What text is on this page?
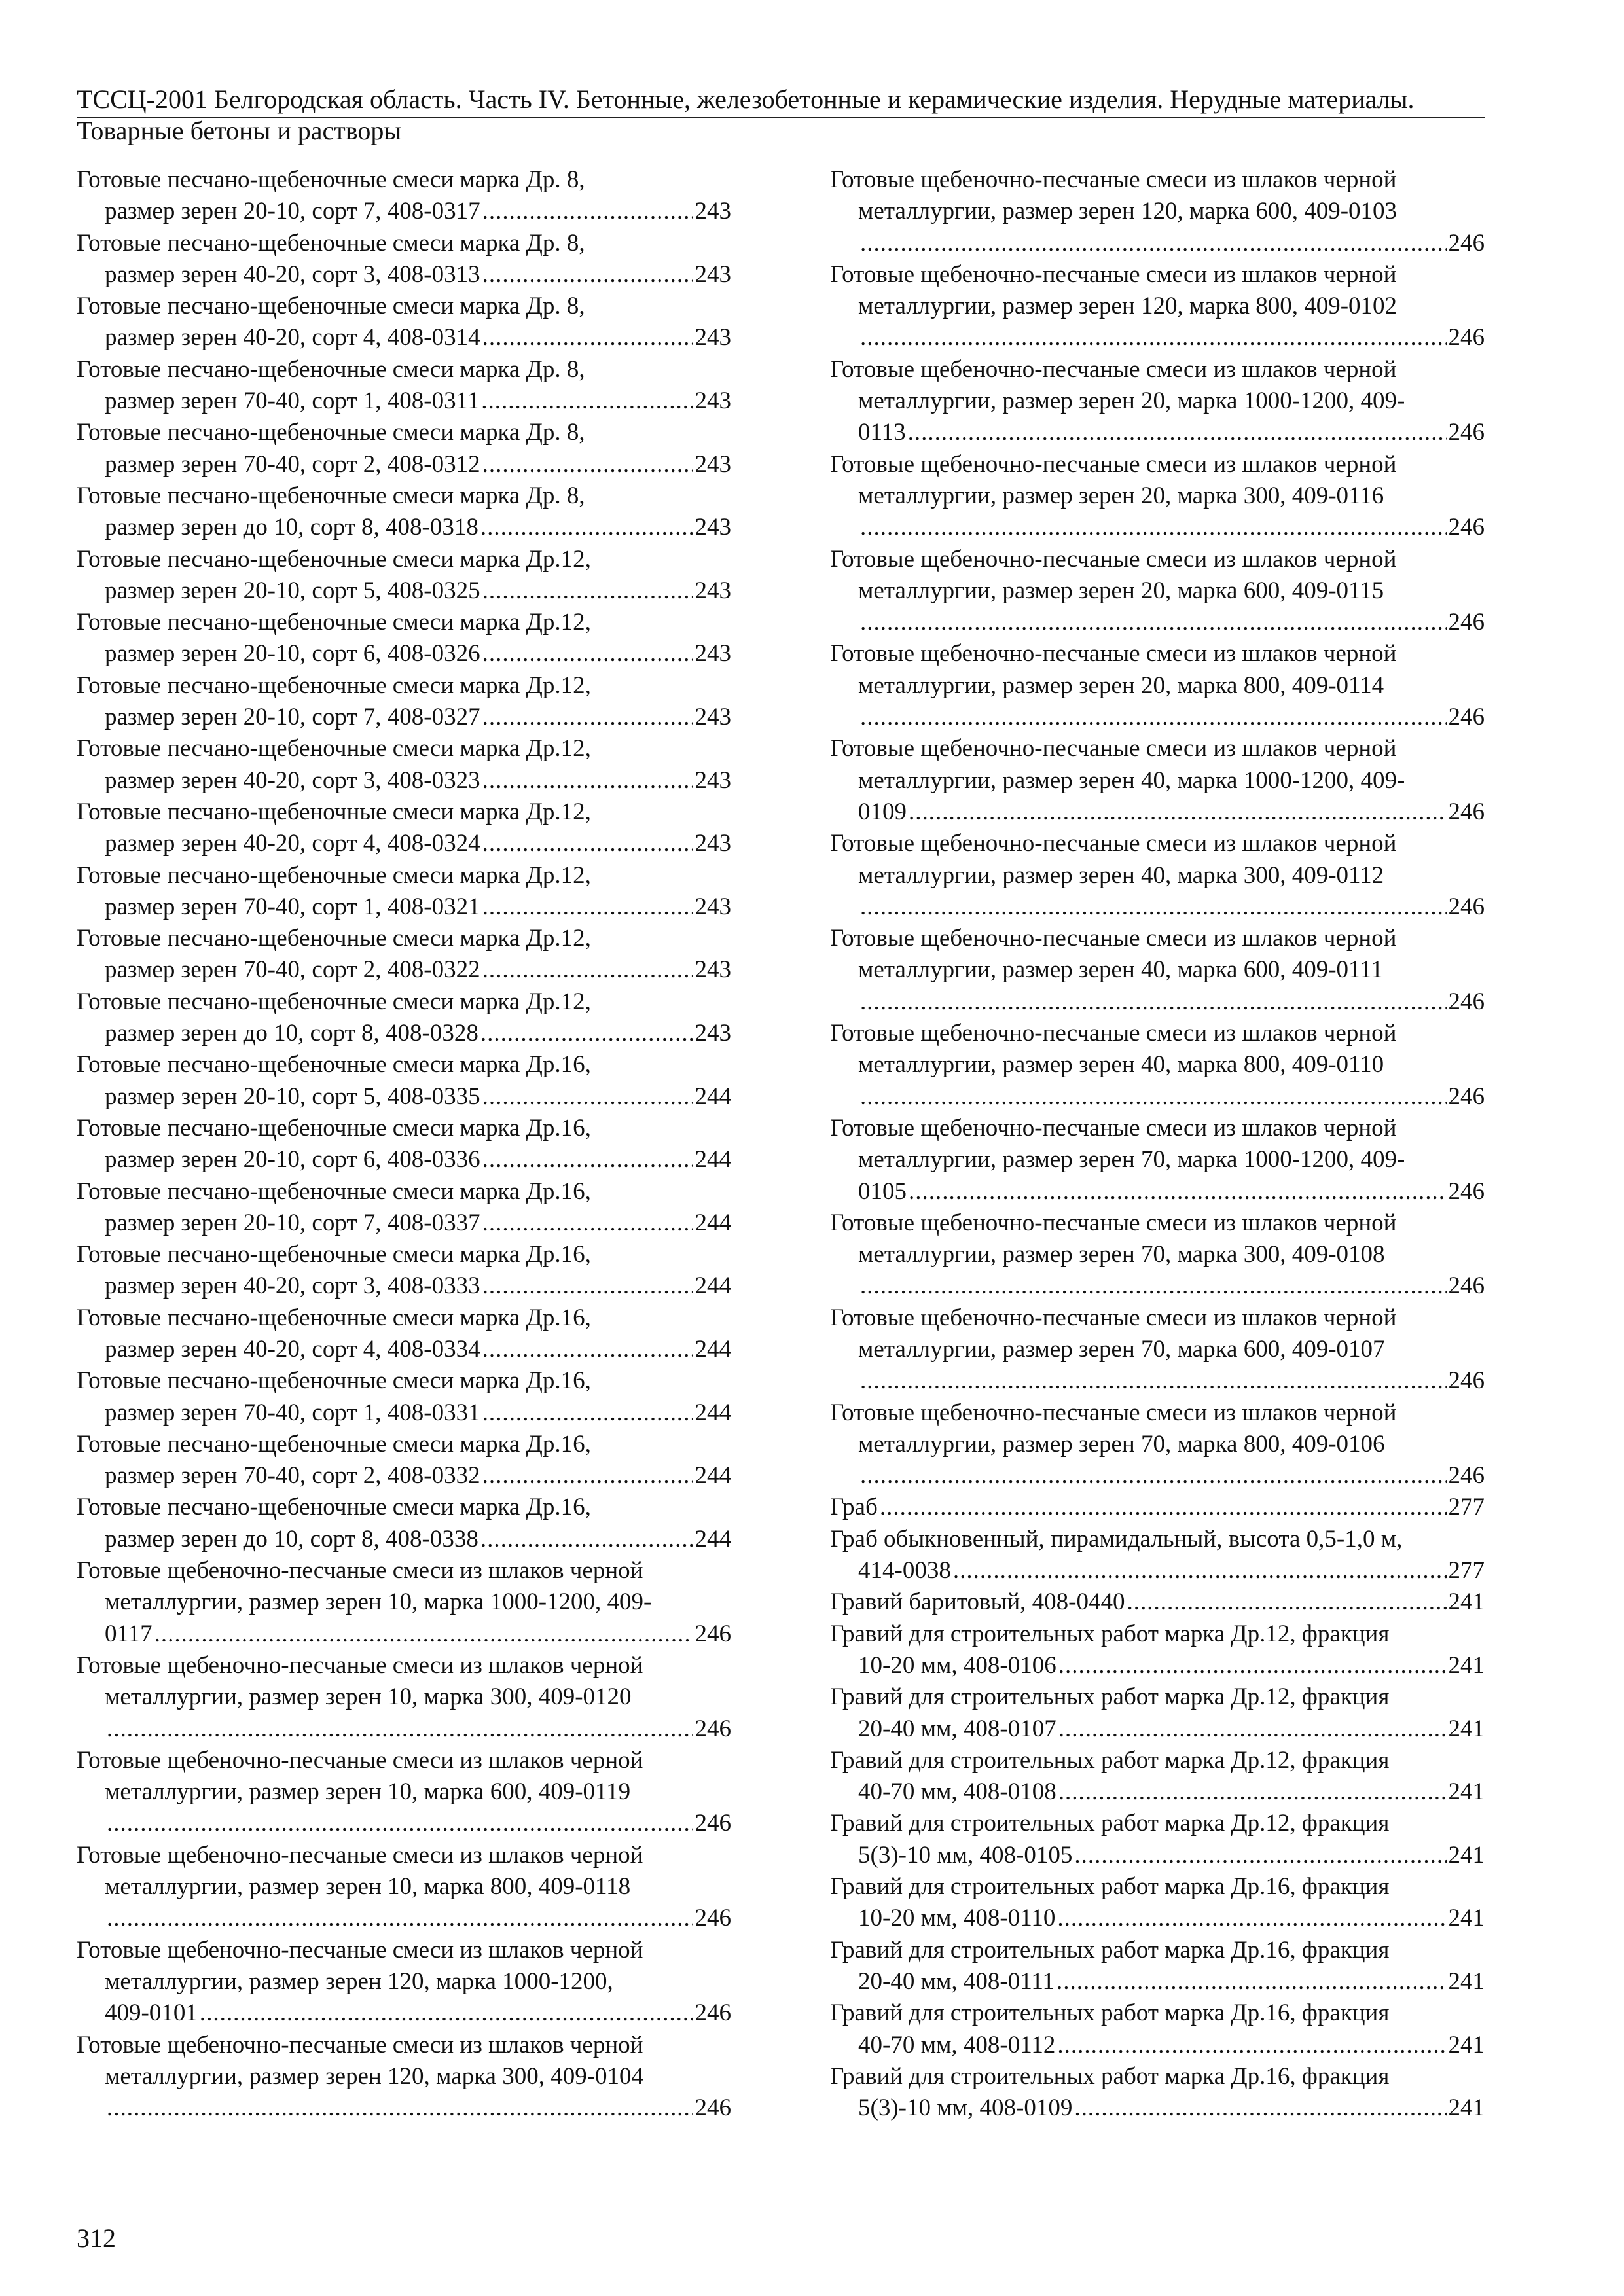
ТССЦ-2001 Белгородская область. Часть IV. Бетонные, железобетонные и керамические изделия. Нерудные материалы. Товарные бетоны и растворы
Готовые песчано-щебеночные смеси марка Др. 8,
размер зерен 20-10, сорт 7, 408-0317 .....	243
Готовые песчано-щебеночные смеси марка Др. 8,
размер зерен 40-20, сорт 3, 408-0313 .....	243
Готовые песчано-щебеночные смеси марка Др. 8,
размер зерен 40-20, сорт 4, 408-0314 .....	243
Готовые песчано-щебеночные смеси марка Др. 8,
размер зерен 70-40, сорт 1, 408-0311 .....	243
Готовые песчано-щебеночные смеси марка Др. 8,
размер зерен 70-40, сорт 2, 408-0312 .....	243
Готовые песчано-щебеночные смеси марка Др. 8,
размер зерен до 10, сорт 8, 408-0318 .....	243
Готовые песчано-щебеночные смеси марка Др.12,
размер зерен 20-10, сорт 5, 408-0325 .....	243
Готовые песчано-щебеночные смеси марка Др.12,
размер зерен 20-10, сорт 6, 408-0326 .....	243
Готовые песчано-щебеночные смеси марка Др.12,
размер зерен 20-10, сорт 7, 408-0327 .....	243
Готовые песчано-щебеночные смеси марка Др.12,
размер зерен 40-20, сорт 3, 408-0323 .....	243
Готовые песчано-щебеночные смеси марка Др.12,
размер зерен 40-20, сорт 4, 408-0324 .....	243
Готовые песчано-щебеночные смеси марка Др.12,
размер зерен 70-40, сорт 1, 408-0321 .....	243
Готовые песчано-щебеночные смеси марка Др.12,
размер зерен 70-40, сорт 2, 408-0322 .....	243
Готовые песчано-щебеночные смеси марка Др.12,
размер зерен до 10, сорт 8, 408-0328 .....	243
Готовые песчано-щебеночные смеси марка Др.16,
размер зерен 20-10, сорт 5, 408-0335 .....	244
Готовые песчано-щебеночные смеси марка Др.16,
размер зерен 20-10, сорт 6, 408-0336 .....	244
Готовые песчано-щебеночные смеси марка Др.16,
размер зерен 20-10, сорт 7, 408-0337 .....	244
Готовые песчано-щебеночные смеси марка Др.16,
размер зерен 40-20, сорт 3, 408-0333 .....	244
Готовые песчано-щебеночные смеси марка Др.16,
размер зерен 40-20, сорт 4, 408-0334 .....	244
Готовые песчано-щебеночные смеси марка Др.16,
размер зерен 70-40, сорт 1, 408-0331 .....	244
Готовые песчано-щебеночные смеси марка Др.16,
размер зерен 70-40, сорт 2, 408-0332 .....	244
Готовые песчано-щебеночные смеси марка Др.16,
размер зерен до 10, сорт 8, 408-0338 .....	244
Готовые щебеночно-песчаные смеси из шлаков черной
металлургии, размер зерен 10, марка 1000-1200, 409-
0117 .....	246
Готовые щебеночно-песчаные смеси из шлаков черной
металлургии, размер зерен 10, марка 300, 409-0120
.....
246
Готовые щебеночно-песчаные смеси из шлаков черной
металлургии, размер зерен 10, марка 600, 409-0119
.....
246
Готовые щебеночно-песчаные смеси из шлаков черной
металлургии, размер зерен 10, марка 800, 409-0118
.....
246
Готовые щебеночно-песчаные смеси из шлаков черной
металлургии, размер зерен 120, марка 1000-1200,
409-0101 .....	246
Готовые щебеночно-песчаные смеси из шлаков черной
металлургии, размер зерен 120, марка 300, 409-0104
.....
246
Готовые щебеночно-песчаные смеси из шлаков черной
металлургии, размер зерен 120, марка 600, 409-0103
.....
246
Готовые щебеночно-песчаные смеси из шлаков черной
металлургии, размер зерен 120, марка 800, 409-0102
.....
246
Готовые щебеночно-песчаные смеси из шлаков черной
металлургии, размер зерен 20, марка 1000-1200, 409-
0113 .....	246
Готовые щебеночно-песчаные смеси из шлаков черной
металлургии, размер зерен 20, марка 300, 409-0116
.....
246
Готовые щебеночно-песчаные смеси из шлаков черной
металлургии, размер зерен 20, марка 600, 409-0115
.....
246
Готовые щебеночно-песчаные смеси из шлаков черной
металлургии, размер зерен 20, марка 800, 409-0114
.....
246
Готовые щебеночно-песчаные смеси из шлаков черной
металлургии, размер зерен 40, марка 1000-1200, 409-
0109 .....	246
Готовые щебеночно-песчаные смеси из шлаков черной
металлургии, размер зерен 40, марка 300, 409-0112
.....
246
Готовые щебеночно-песчаные смеси из шлаков черной
металлургии, размер зерен 40, марка 600, 409-0111
.....
246
Готовые щебеночно-песчаные смеси из шлаков черной
металлургии, размер зерен 40, марка 800, 409-0110
.....
246
Готовые щебеночно-песчаные смеси из шлаков черной
металлургии, размер зерен 70, марка 1000-1200, 409-
0105 .....	246
Готовые щебеночно-песчаные смеси из шлаков черной
металлургии, размер зерен 70, марка 300, 409-0108
.....
246
Готовые щебеночно-песчаные смеси из шлаков черной
металлургии, размер зерен 70, марка 600, 409-0107
.....
246
Готовые щебеночно-песчаные смеси из шлаков черной
металлургии, размер зерен 70, марка 800, 409-0106
.....
246
Граб .....	277
Граб обыкновенный, пирамидальный, высота 0,5-1,0 м,
414-0038 .....	277
Гравий баритовый, 408-0440 .....	241
Гравий для строительных работ марка Др.12, фракция
10-20 мм, 408-0106 .....	241
Гравий для строительных работ марка Др.12, фракция
20-40 мм, 408-0107 .....	241
Гравий для строительных работ марка Др.12, фракция
40-70 мм, 408-0108 .....	241
Гравий для строительных работ марка Др.12, фракция
5(3)-10 мм, 408-0105 .....	241
Гравий для строительных работ марка Др.16, фракция
10-20 мм, 408-0110 .....	241
Гравий для строительных работ марка Др.16, фракция
20-40 мм, 408-0111 .....	241
Гравий для строительных работ марка Др.16, фракция
40-70 мм, 408-0112 .....	241
Гравий для строительных работ марка Др.16, фракция
5(3)-10 мм, 408-0109 .....	241
312
